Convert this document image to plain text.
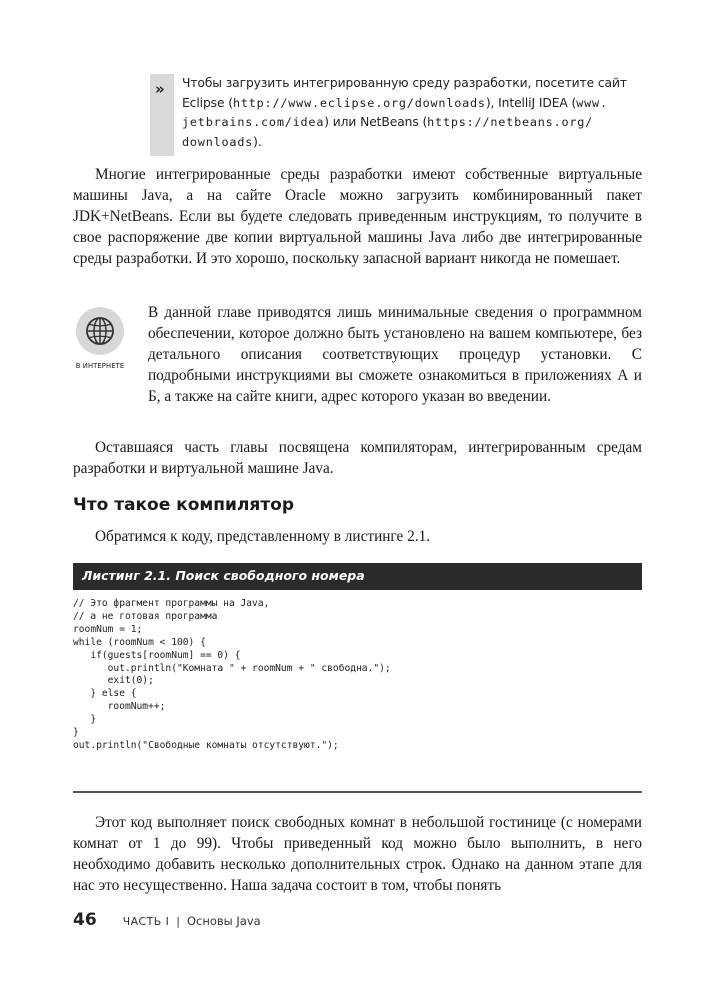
» Чтобы загрузить интегрированную среду разработки, посетите сайт
Eclipse (http://www.eclipse.org/downloads), IntelliJ IDEA (www.
jetbrains.com/idea) или NetBeans (https://netbeans.org/
downloads).

Многие интегрированные среды разработки имеют собственные виртуальные машины Java, а на сайте Oracle можно загрузить комбинированный пакет JDK+NetBeans. Если вы будете следовать приведенным инструкциям, то получите в свое распоряжение две копии виртуальной машины Java либо две интегрированные среды разработки. И это хорошо, поскольку запасной вариант никогда не помешает.

В ИНТЕРНЕТЕ

В данной главе приводятся лишь минимальные сведения о программном обеспечении, которое должно быть установлено на вашем компьютере, без детального описания соответствующих процедур установки. С подробными инструкциями вы сможете ознакомиться в приложениях А и Б, а также на сайте книги, адрес которого указан во введении.

Оставшаяся часть главы посвящена компиляторам, интегрированным средам разработки и виртуальной машине Java.

Что такое компилятор

Обратимся к коду, представленному в листинге 2.1.

Листинг 2.1. Поиск свободного номера
// Это фрагмент программы на Java,
// а не готовая программа
roomNum = 1;
while (roomNum < 100) {
if(guests[roomNum] == 0) {
out.println("Комната " + roomNum + " свободна.");
exit(0);
} else {
roomNum++;
}
}
out.println("Свободные комнаты отсутствуют.");

Этот код выполняет поиск свободных комнат в небольшой гостинице (с номерами комнат от 1 до 99). Чтобы приведенный код можно было выполнить, в него необходимо добавить несколько дополнительных строк. Однако на данном этапе для нас это несущественно. Наша задача состоит в том, чтобы понять

46 ЧАСТЬ I | Основы Java
